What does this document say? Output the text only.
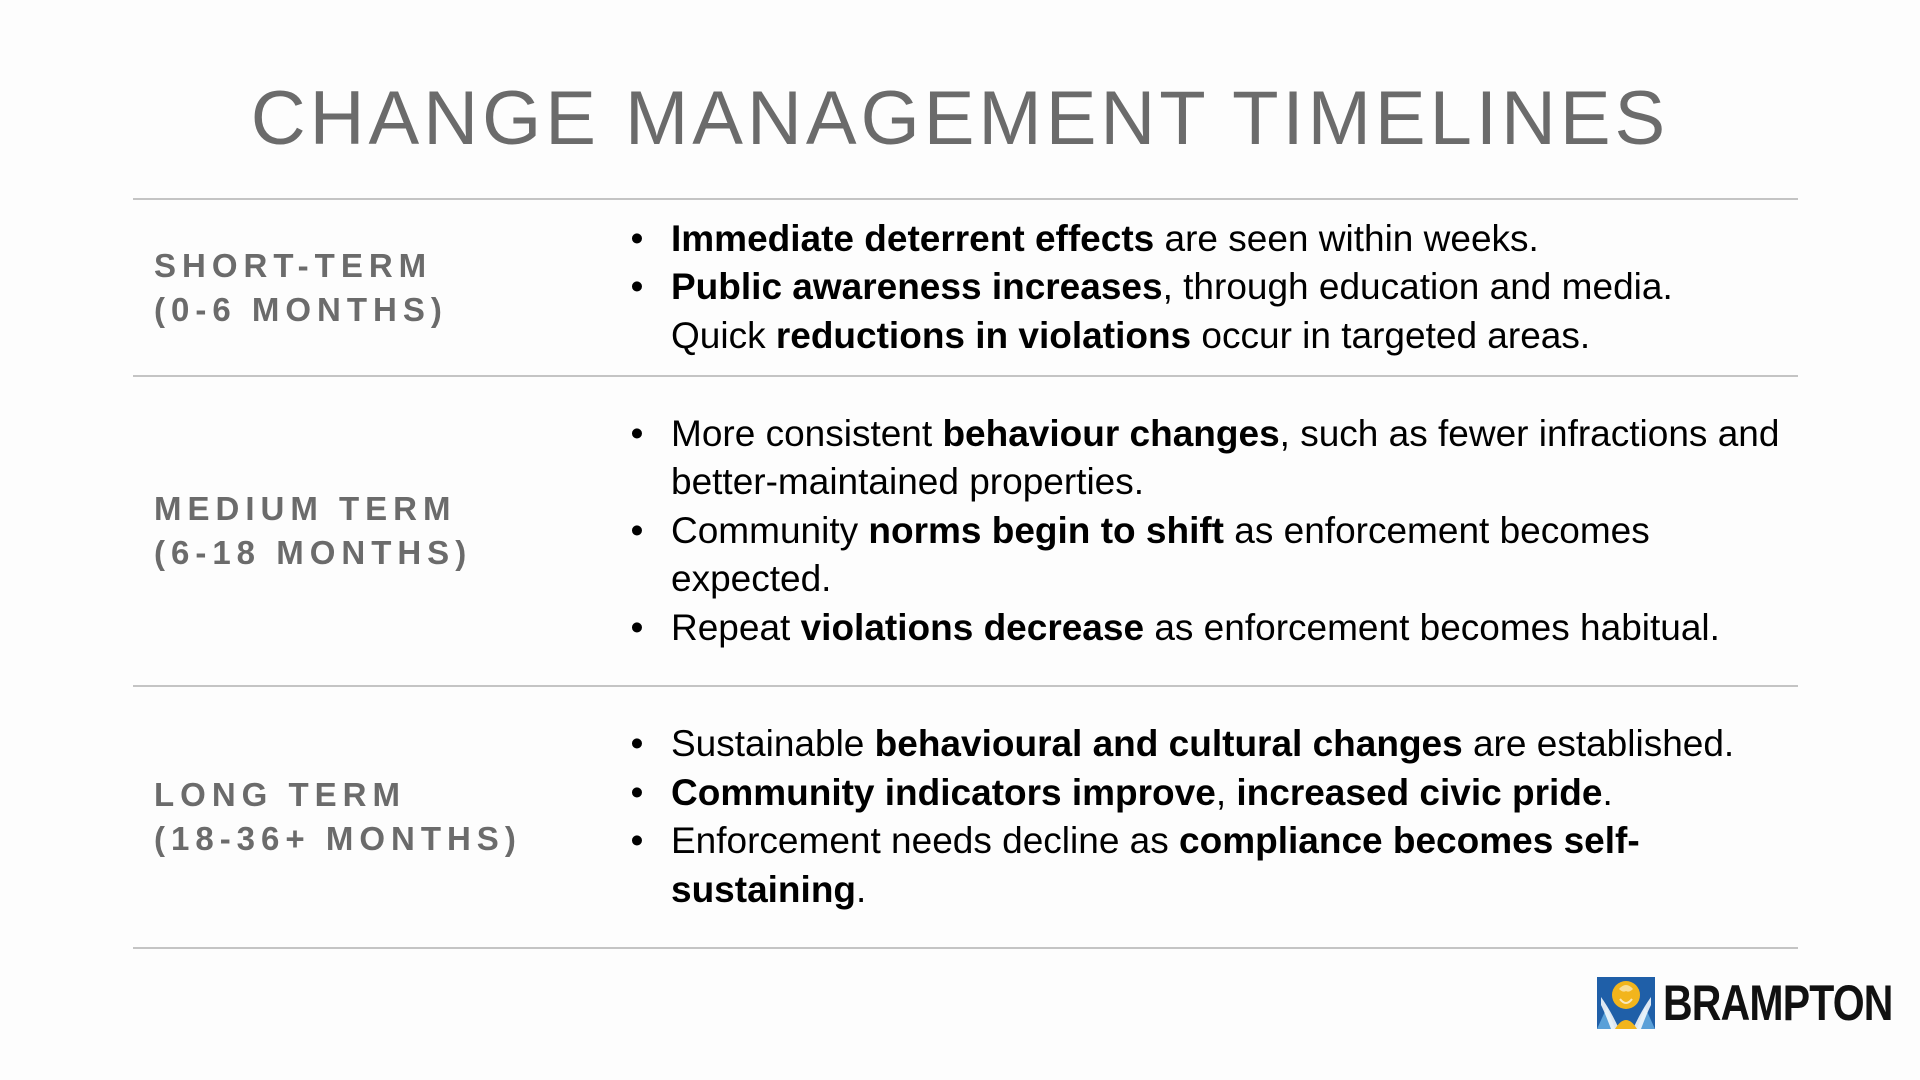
CHANGE MANAGEMENT TIMELINES
SHORT-TERM
(0-6 MONTHS)
• Immediate deterrent effects are seen within weeks.
• Public awareness increases, through education and media.
Quick reductions in violations occur in targeted areas.
MEDIUM TERM
(6-18 MONTHS)
• More consistent behaviour changes, such as fewer infractions and better-maintained properties.
• Community norms begin to shift as enforcement becomes expected.
• Repeat violations decrease as enforcement becomes habitual.
LONG TERM
(18-36+ MONTHS)
• Sustainable behavioural and cultural changes are established.
• Community indicators improve, increased civic pride.
• Enforcement needs decline as compliance becomes self-sustaining.
BRAMPTON
